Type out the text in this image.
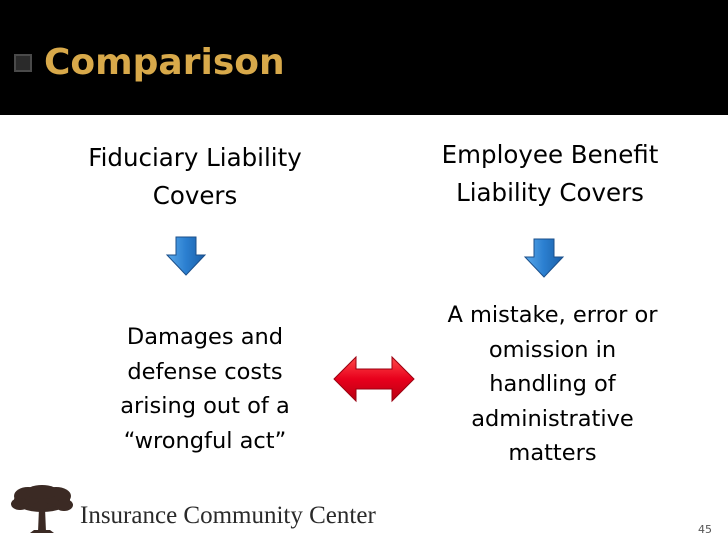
Comparison
Fiduciary Liability
Covers
Employee Benefit
Liability Covers
Damages and
defense costs
arising out of a
“wrongful act”
A mistake, error or
omission in
handling of
administrative
matters
Insurance Community Center
45
